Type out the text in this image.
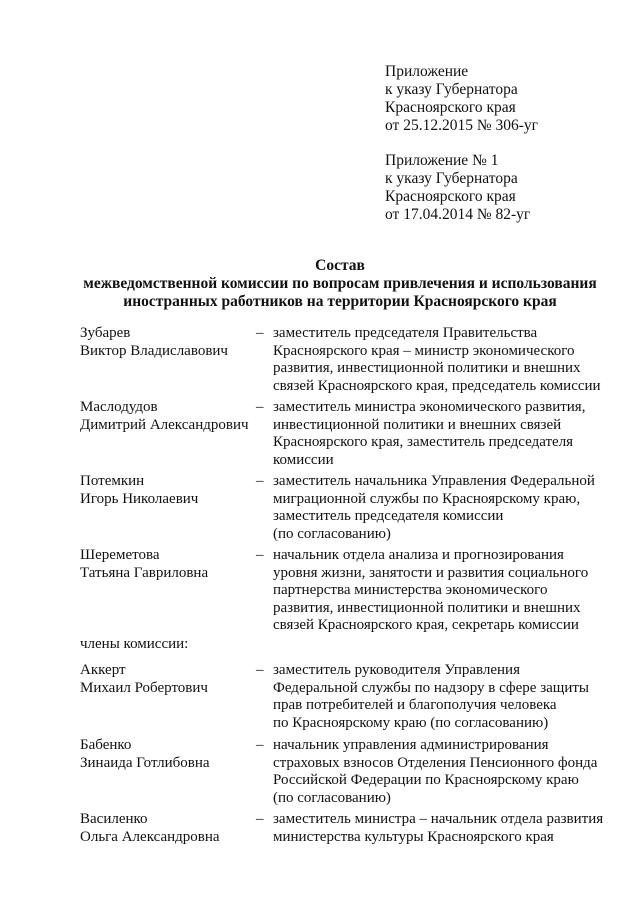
Приложение
к указу Губернатора
Красноярского края
от 25.12.2015 № 306-уг
Приложение № 1
к указу Губернатора
Красноярского края
от 17.04.2014 № 82-уг
Состав
межведомственной комиссии по вопросам привлечения и использования
иностранных работников на территории Красноярского края
Зубарев
Виктор Владиславович
– заместитель председателя Правительства
Красноярского края – министр экономического
развития, инвестиционной политики и внешних
связей Красноярского края, председатель комиссии
Маслодудов
Димитрий Александрович
– заместитель министра экономического развития,
инвестиционной политики и внешних связей
Красноярского края, заместитель председателя
комиссии
Потемкин
Игорь Николаевич
– заместитель начальника Управления Федеральной
миграционной службы по Красноярскому краю,
заместитель председателя комиссии
(по согласованию)
Шереметова
Татьяна Гавриловна
– начальник отдела анализа и прогнозирования
уровня жизни, занятости и развития социального
партнерства министерства экономического
развития, инвестиционной политики и внешних
связей Красноярского края, секретарь комиссии
члены комиссии:
Аккерт
Михаил Робертович
– заместитель руководителя Управления
Федеральной службы по надзору в сфере защиты
прав потребителей и благополучия человека
по Красноярскому краю (по согласованию)
Бабенко
Зинаида Готлибовна
– начальник управления администрирования
страховых взносов Отделения Пенсионного фонда
Российской Федерации по Красноярскому краю
(по согласованию)
Василенко
Ольга Александровна
– заместитель министра – начальник отдела развития
министерства культуры Красноярского края
